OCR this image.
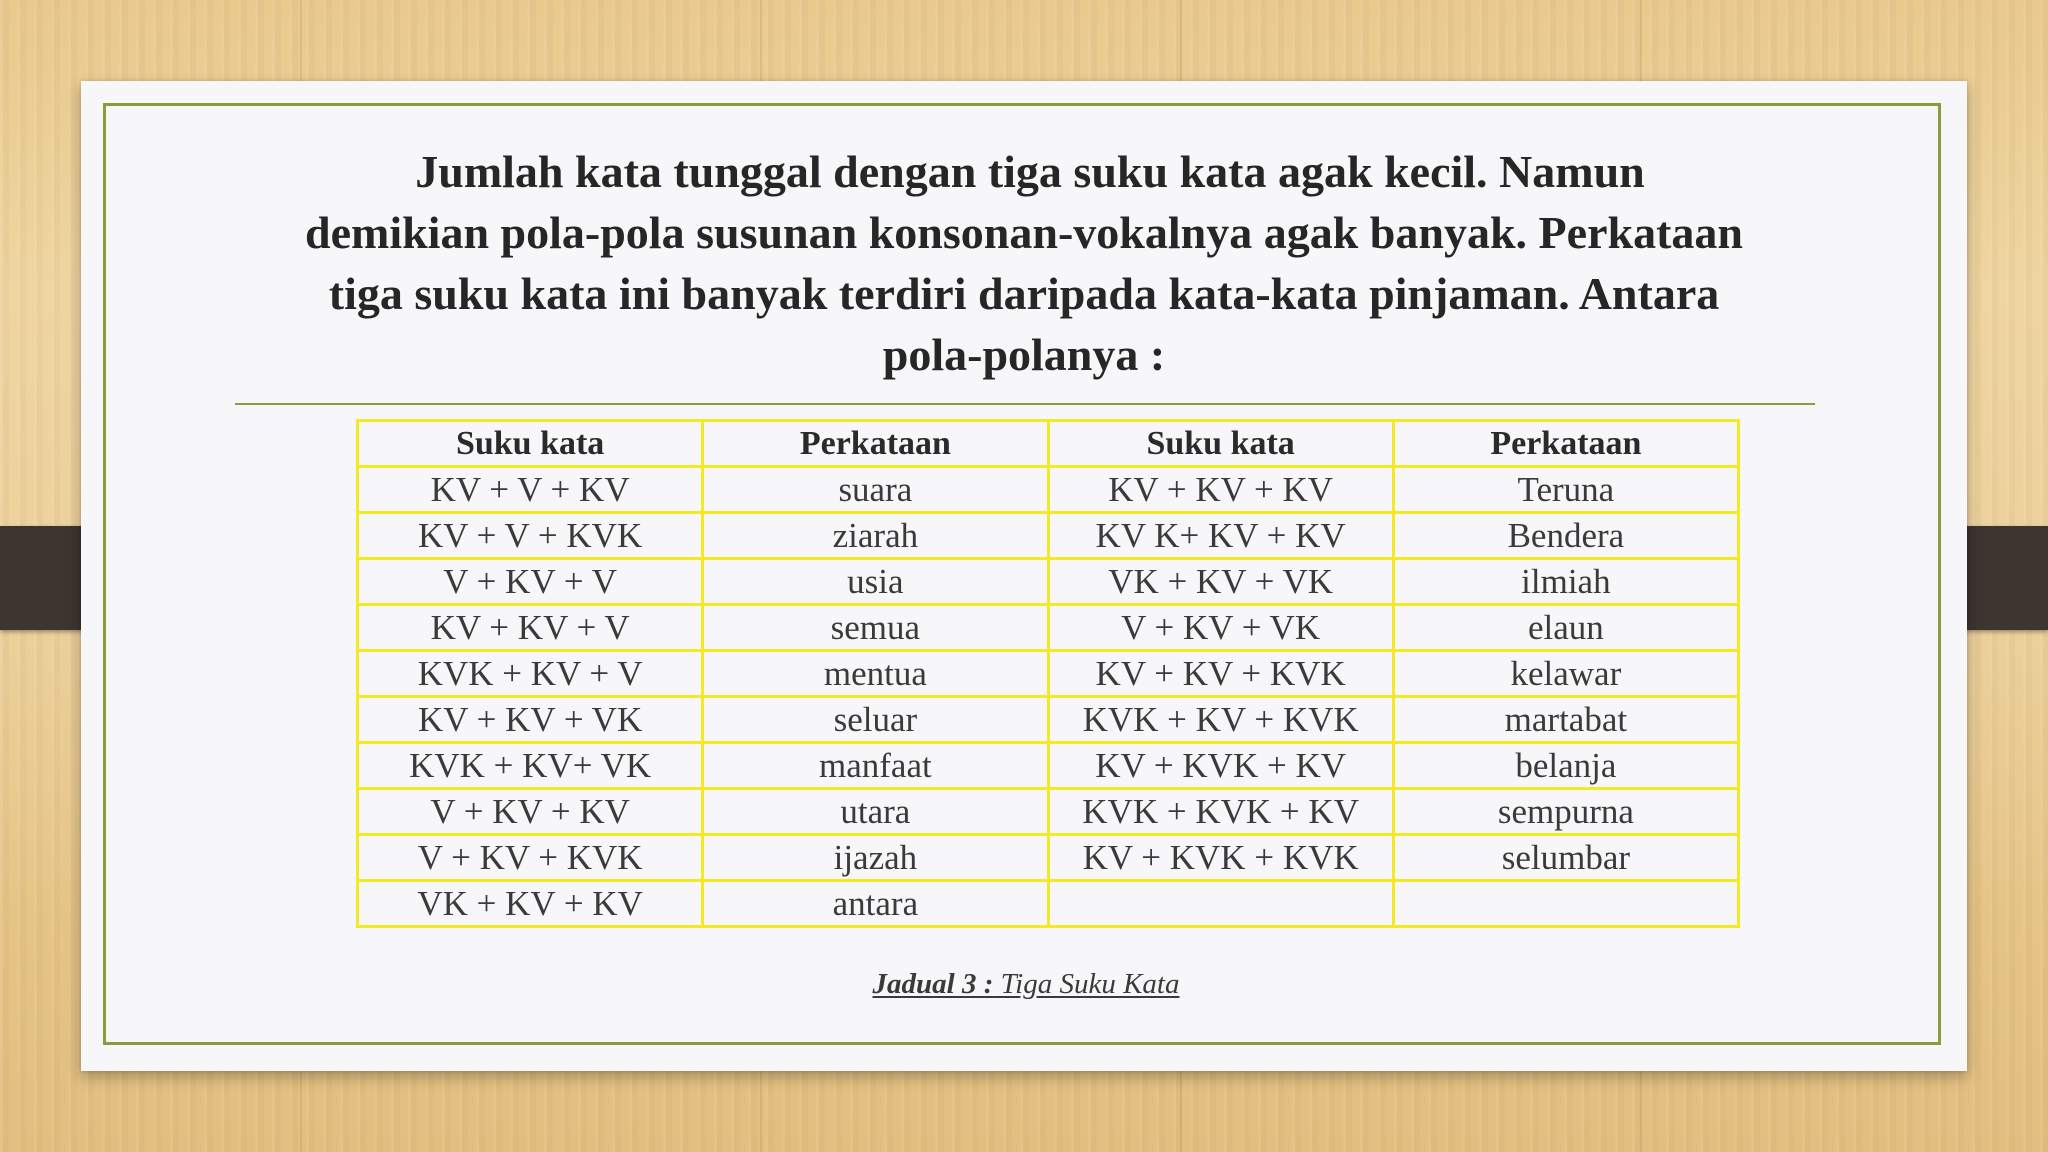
Jumlah kata tunggal dengan tiga suku kata agak kecil. Namun
demikian pola-pola susunan konsonan-vokalnya agak banyak. Perkataan
tiga suku kata ini banyak terdiri daripada kata-kata pinjaman. Antara
pola-polanya :

Suku kata	Perkataan	Suku kata	Perkataan
KV + V + KV	suara	KV + KV + KV	Teruna
KV + V + KVK	ziarah	KV K+ KV + KV	Bendera
V + KV + V	usia	VK + KV + VK	ilmiah
KV + KV + V	semua	V + KV + VK	elaun
KVK + KV + V	mentua	KV + KV + KVK	kelawar
KV + KV + VK	seluar	KVK + KV + KVK	martabat
KVK + KV+ VK	manfaat	KV + KVK + KV	belanja
V + KV + KV	utara	KVK + KVK + KV	sempurna
V + KV + KVK	ijazah	KV + KVK + KVK	selumbar
VK + KV + KV	antara		
Jadual 3 : Tiga Suku Kata
